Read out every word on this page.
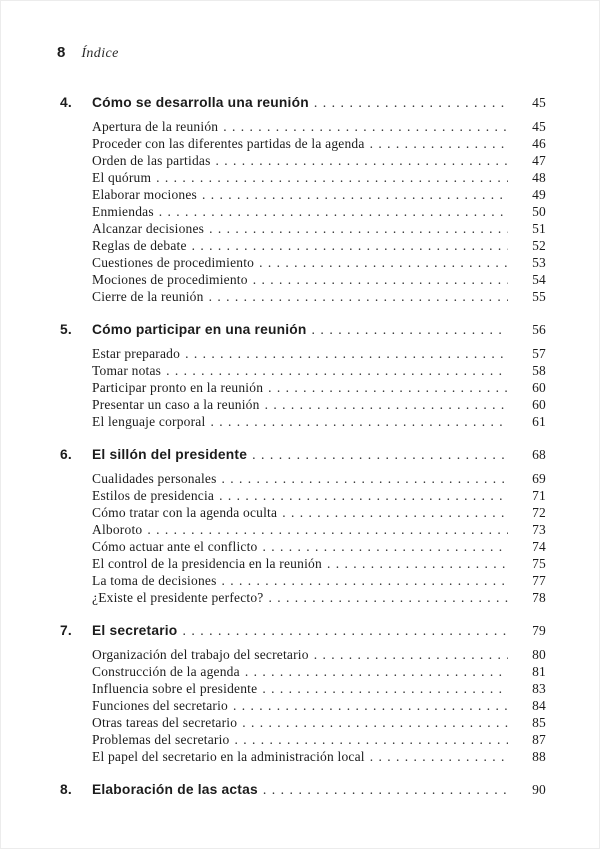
8 Índice
4.	Cómo se desarrolla una reunión . . .	45
Apertura de la reunión . . .	45
Proceder con las diferentes partidas de la agenda . . .	46
Orden de las partidas . . .	47
El quórum . . .	48
Elaborar mociones . . .	49
Enmiendas . . .	50
Alcanzar decisiones . . .	51
Reglas de debate . . .	52
Cuestiones de procedimiento . . .	53
Mociones de procedimiento . . .	54
Cierre de la reunión . . .	55
5.	Cómo participar en una reunión . . .	56
Estar preparado . . .	57
Tomar notas . . .	58
Participar pronto en la reunión . . .	60
Presentar un caso a la reunión . . .	60
El lenguaje corporal . . .	61
6.	El sillón del presidente . . .	68
Cualidades personales . . .	69
Estilos de presidencia . . .	71
Cómo tratar con la agenda oculta . . .	72
Alboroto . . .	73
Cómo actuar ante el conflicto . . .	74
El control de la presidencia en la reunión . . .	75
La toma de decisiones . . .	77
¿Existe el presidente perfecto? . . .	78
7.	El secretario . . .	79
Organización del trabajo del secretario . . .	80
Construcción de la agenda . . .	81
Influencia sobre el presidente . . .	83
Funciones del secretario . . .	84
Otras tareas del secretario . . .	85
Problemas del secretario . . .	87
El papel del secretario en la administración local . . .	88
8.	Elaboración de las actas . . .	90
